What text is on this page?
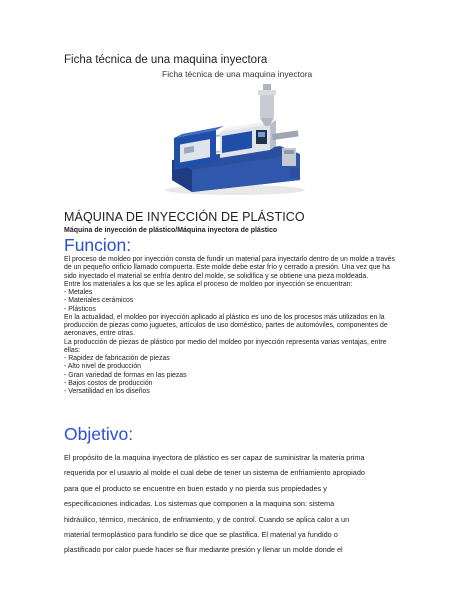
Ficha técnica de una maquina inyectora
Ficha técnica de una maquina inyectora
MÁQUINA DE INYECCIÓN DE PLÁSTICO
Máquina de inyección de plástico/Máquina inyectora de plástico
Funcion:
El proceso de moldeo por inyección consta de fundir un material para inyectarlo dentro de un molde a través
de un pequeño orificio llamado compuerta. Este molde debe estar frío y cerrado a presión. Una vez que ha
sido inyectado el material se enfría dentro del molde, se solidifica y se obtiene una pieza moldeada.
Entre los materiales a los que se les aplica el proceso de moldeo por inyección se encuentran:
- Metales
- Materiales cerámicos
- Plásticos
En la actualidad, el moldeo por inyección aplicado al plástico es uno de los procesos más utilizados en la
producción de piezas como juguetes, artículos de uso doméstico, partes de automóviles, componentes de
aeronaves, entre otras.
La producción de piezas de plástico por medio del moldeo por inyección representa varias ventajas, entre
ellas:
- Rapidez de fabricación de piezas
- Alto nivel de producción
- Gran variedad de formas en las piezas
- Bajos costos de producción
- Versatilidad en los diseños
Objetivo:
El propósito de la maquina inyectora de plástico es ser capaz de suministrar la materia prima
requerida por el usuario al molde el cual debe de tener un sistema de enfriamiento apropiado
para que el producto se encuentre en buen estado y no pierda sus propiedades y
especificaciones indicadas. Los sistemas que componen a la maquina son: sistema
hidráulico, térmico, mecánico, de enfriamiento, y de control. Cuando se aplica calor a un
material termoplástico para fundirlo se dice que se plastifica. El material ya fundido o
plastificado por calor puede hacer se fluir mediante presión y llenar un molde donde el
